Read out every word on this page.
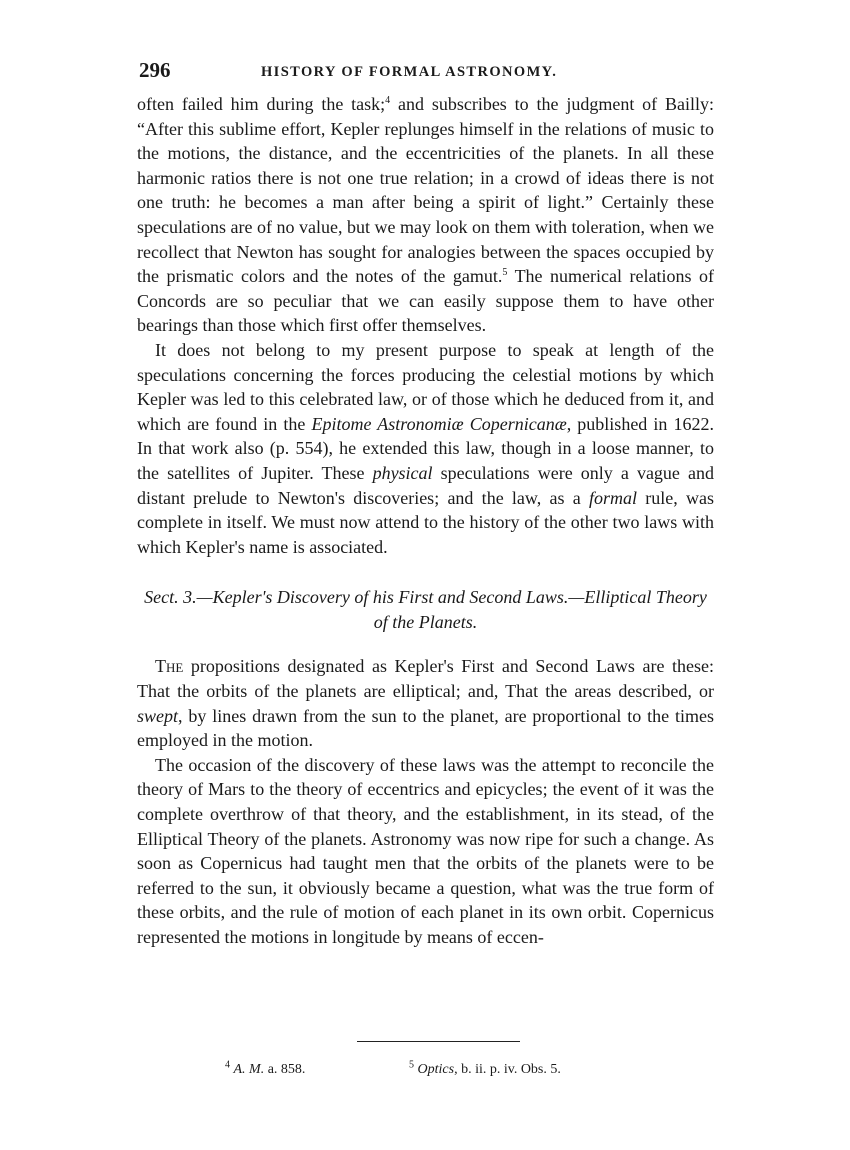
296	HISTORY OF FORMAL ASTRONOMY.

often failed him during the task;$^4$ and subscribes to the judgment of Bailly: “After this sublime effort, Kepler replunges himself in the relations of music to the motions, the distance, and the eccentricities of the planets. In all these harmonic ratios there is not one true relation; in a crowd of ideas there is not one truth: he becomes a man after being a spirit of light.” Certainly these speculations are of no value, but we may look on them with toleration, when we recollect that Newton has sought for analogies between the spaces occupied by the prismatic colors and the notes of the gamut.$^5$ The numerical relations of Concords are so peculiar that we can easily suppose them to have other bearings than those which first offer themselves.

It does not belong to my present purpose to speak at length of the speculations concerning the forces producing the celestial motions by which Kepler was led to this celebrated law, or of those which he deduced from it, and which are found in the Epitome Astronomiæ Copernicanæ, published in 1622. In that work also (p. 554), he extended this law, though in a loose manner, to the satellites of Jupiter. These physical speculations were only a vague and distant prelude to Newton's discoveries; and the law, as a formal rule, was complete in itself. We must now attend to the history of the other two laws with which Kepler's name is associated.

Sect. 3.—Kepler's Discovery of his First and Second Laws.—Elliptical Theory of the Planets.

The propositions designated as Kepler's First and Second Laws are these: That the orbits of the planets are elliptical; and, That the areas described, or swept, by lines drawn from the sun to the planet, are proportional to the times employed in the motion.

The occasion of the discovery of these laws was the attempt to reconcile the theory of Mars to the theory of eccentrics and epicycles; the event of it was the complete overthrow of that theory, and the establishment, in its stead, of the Elliptical Theory of the planets. Astronomy was now ripe for such a change. As soon as Copernicus had taught men that the orbits of the planets were to be referred to the sun, it obviously became a question, what was the true form of these orbits, and the rule of motion of each planet in its own orbit. Copernicus represented the motions in longitude by means of eccen-

$^4$ A. M. a. 858.	$^5$ Optics, b. ii. p. iv. Obs. 5.
